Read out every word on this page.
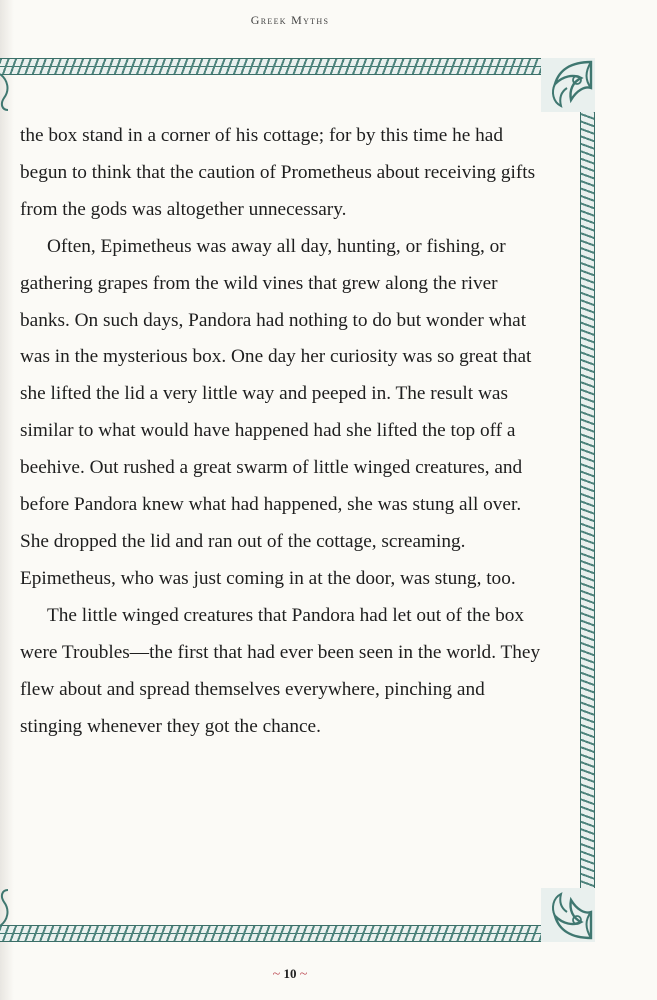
Greek Myths

the box stand in a corner of his cottage; for by this time he had begun to think that the caution of Prometheus about receiving gifts from the gods was altogether unnecessary.

Often, Epimetheus was away all day, hunting, or fishing, or gathering grapes from the wild vines that grew along the river banks. On such days, Pandora had nothing to do but wonder what was in the mysterious box. One day her curiosity was so great that she lifted the lid a very little way and peeped in. The result was similar to what would have happened had she lifted the top off a beehive. Out rushed a great swarm of little winged creatures, and before Pandora knew what had happened, she was stung all over. She dropped the lid and ran out of the cottage, screaming. Epimetheus, who was just coming in at the door, was stung, too.

The little winged creatures that Pandora had let out of the box were Troubles—the first that had ever been seen in the world. They flew about and spread themselves everywhere, pinching and stinging whenever they got the chance.

~ 10 ~
